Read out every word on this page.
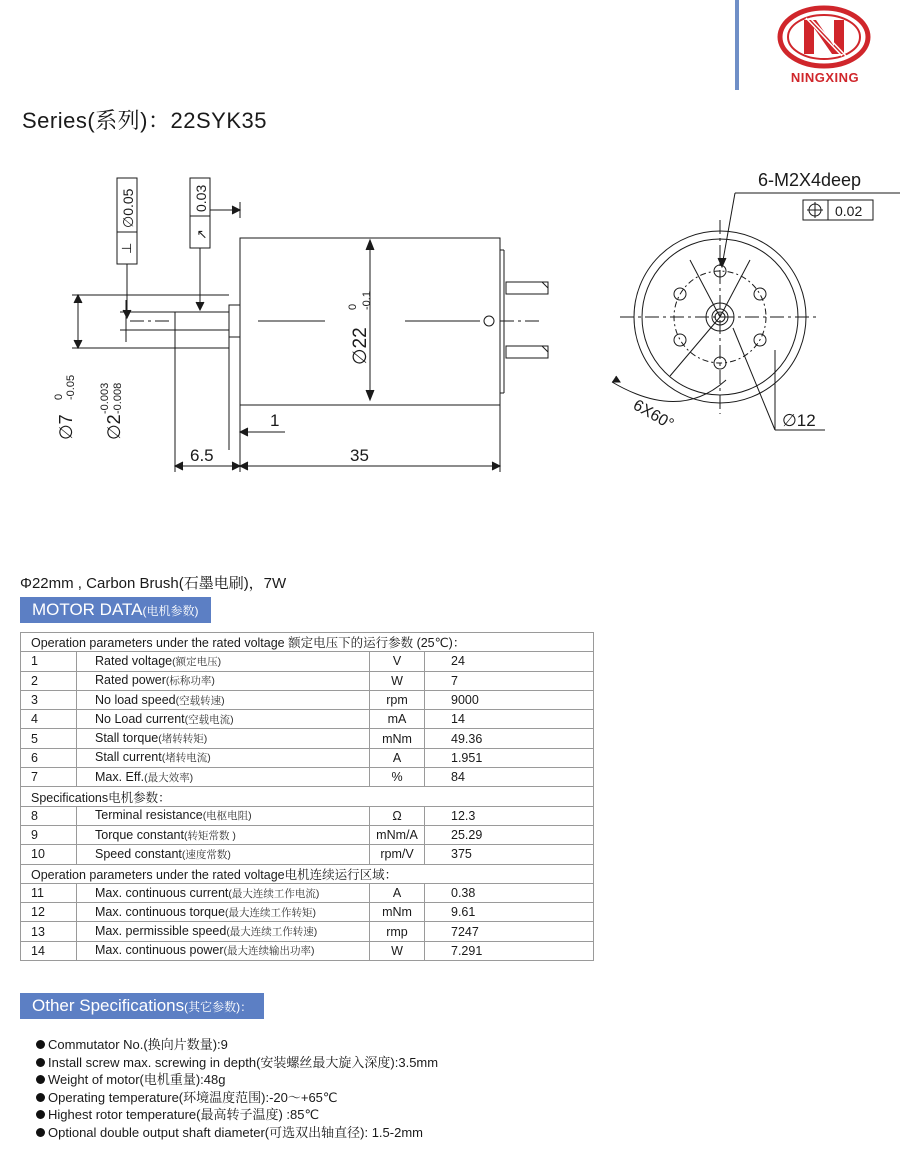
NINGXING
Series(系列)：22SYK35
∅0.05
⊥
0.03
↗
∅22
0 -0.1
∅7
0 -0.05
∅2
-0.003 -0.008
1
6.5	35
6-M2X4deep
0.02
6X60°	∅12
Φ22mm , Carbon Brush(石墨电刷)，7W
MOTOR DATA(电机参数)
Operation parameters under the rated voltage 额定电压下的运行参数 (25℃)：			
1	Rated voltage(额定电压)	V	24
2	Rated power(标称功率)	W	7
3	No load speed(空载转速)	rpm	9000
4	No Load current(空载电流)	mA	14
5	Stall torque(堵转转矩)	mNm	49.36
6	Stall current(堵转电流)	A	1.951
7	Max. Eff.(最大效率)	%	84
Specifications电机参数：			
8	Terminal resistance(电枢电阻)	Ω	12.3
9	Torque constant(转矩常数 )	mNm/A	25.29
10	Speed constant(速度常数)	rpm/V	375
Operation parameters under the rated voltage电机连续运行区域：			
11	Max. continuous current(最大连续工作电流)	A	0.38
12	Max. continuous torque(最大连续工作转矩)	mNm	9.61
13	Max. permissible speed(最大连续工作转速)	rmp	7247
14	Max. continuous power(最大连续输出功率)	W	7.291
Other Specifications(其它参数)：
Commutator No.(换向片数量):9
Install screw max. screwing in depth(安装螺丝最大旋入深度):3.5mm
Weight of motor(电机重量):48g
Operating temperature(环境温度范围):-20～+65℃
Highest rotor temperature(最高转子温度) :85℃
Optional double output shaft diameter(可选双出轴直径): 1.5-2mm
